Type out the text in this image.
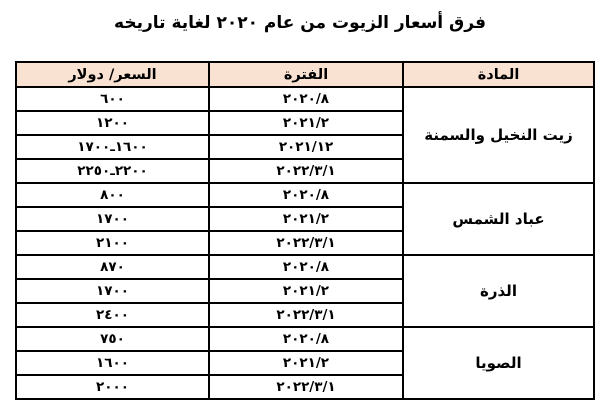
فرق أسعار الزيوت من عام ٢٠٢٠ لغاية تاريخه
المادة	الفترة	السعر/ دولار
زيت النخيل والسمنة	٢٠٢٠/٨	٦٠٠
	٢٠٢١/٢	١٢٠٠
	٢٠٢١/١٢	١٦٠٠ـ١٧٠٠
	٢٠٢٢/٣/١	٢٢٠٠ـ٢٢٥٠
عباد الشمس	٢٠٢٠/٨	٨٠٠
	٢٠٢١/٢	١٧٠٠
	٢٠٢٢/٣/١	٢١٠٠
الذرة	٢٠٢٠/٨	٨٧٠
	٢٠٢١/٢	١٧٠٠
	٢٠٢٢/٣/١	٢٤٠٠
الصويا	٢٠٢٠/٨	٧٥٠
	٢٠٢١/٢	١٦٠٠
	٢٠٢٢/٣/١	٢٠٠٠
